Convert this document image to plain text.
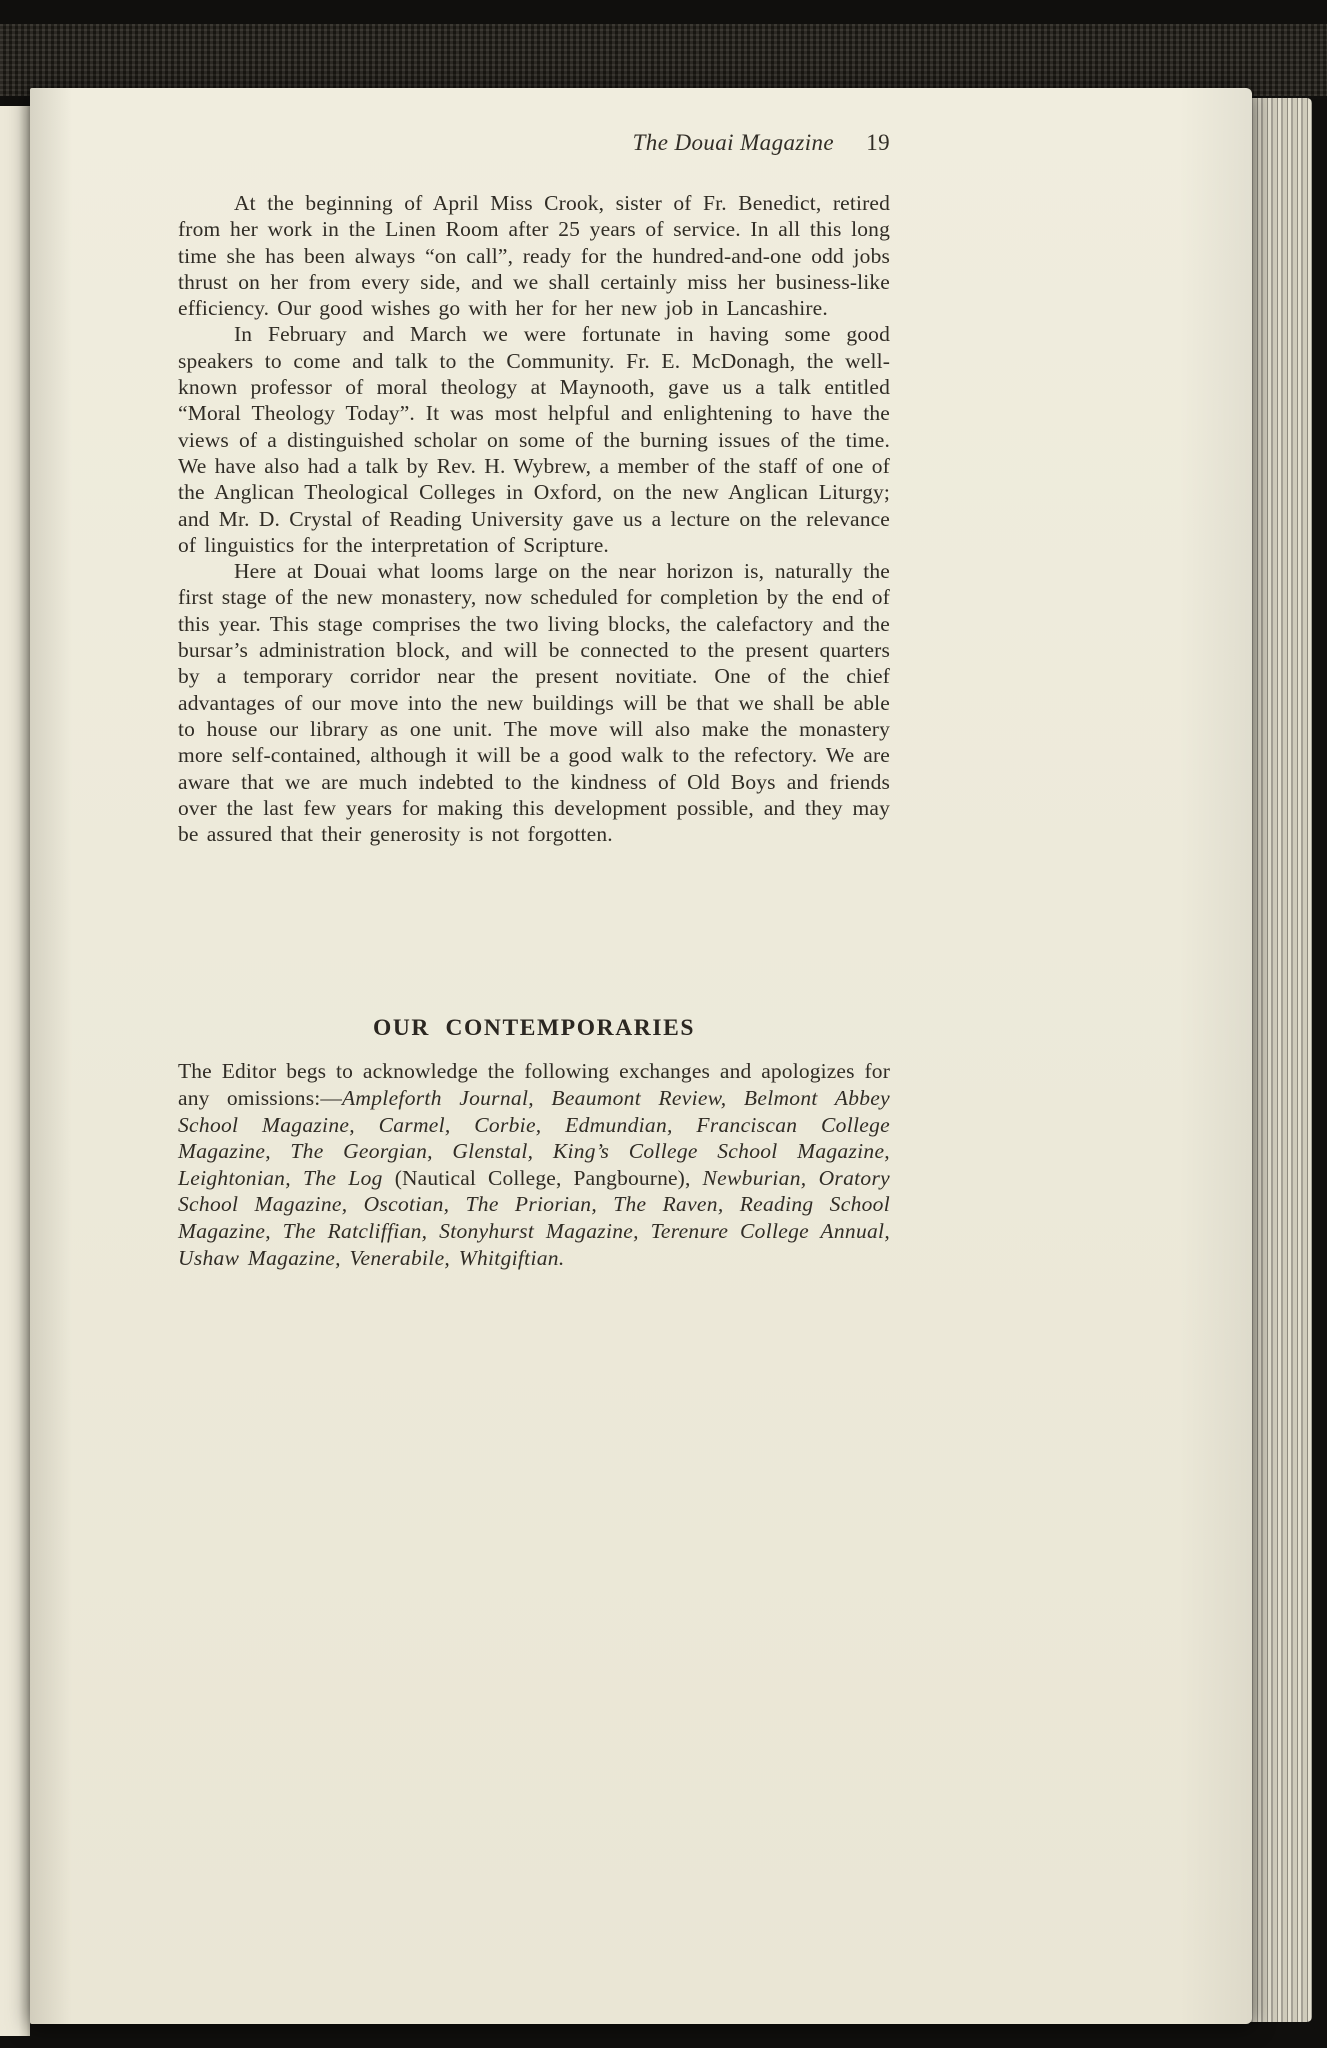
The Douai Magazine 19

At the beginning of April Miss Crook, sister of Fr. Benedict, retired from her work in the Linen Room after 25 years of service. In all this long time she has been always “on call”, ready for the hundred-and-one odd jobs thrust on her from every side, and we shall certainly miss her business-like efficiency. Our good wishes go with her for her new job in Lancashire.

In February and March we were fortunate in having some good speakers to come and talk to the Community. Fr. E. McDonagh, the well-known professor of moral theology at Maynooth, gave us a talk entitled “Moral Theology Today”. It was most helpful and enlightening to have the views of a distinguished scholar on some of the burning issues of the time. We have also had a talk by Rev. H. Wybrew, a member of the staff of one of the Anglican Theological Colleges in Oxford, on the new Anglican Liturgy; and Mr. D. Crystal of Reading University gave us a lecture on the relevance of linguistics for the interpretation of Scripture.

Here at Douai what looms large on the near horizon is, naturally the first stage of the new monastery, now scheduled for completion by the end of this year. This stage comprises the two living blocks, the calefactory and the bursar’s administration block, and will be connected to the present quarters by a temporary corridor near the present novitiate. One of the chief advantages of our move into the new buildings will be that we shall be able to house our library as one unit. The move will also make the monastery more self-contained, although it will be a good walk to the refectory. We are aware that we are much indebted to the kindness of Old Boys and friends over the last few years for making this development possible, and they may be assured that their generosity is not forgotten.

OUR CONTEMPORARIES

The Editor begs to acknowledge the following exchanges and apologizes for any omissions:—Ampleforth Journal, Beaumont Review, Belmont Abbey School Magazine, Carmel, Corbie, Edmundian, Franciscan College Magazine, The Georgian, Glenstal, King’s College School Magazine, Leightonian, The Log (Nautical College, Pangbourne), Newburian, Oratory School Magazine, Oscotian, The Priorian, The Raven, Reading School Magazine, The Ratcliffian, Stonyhurst Magazine, Terenure College Annual, Ushaw Magazine, Venerabile, Whitgiftian.
